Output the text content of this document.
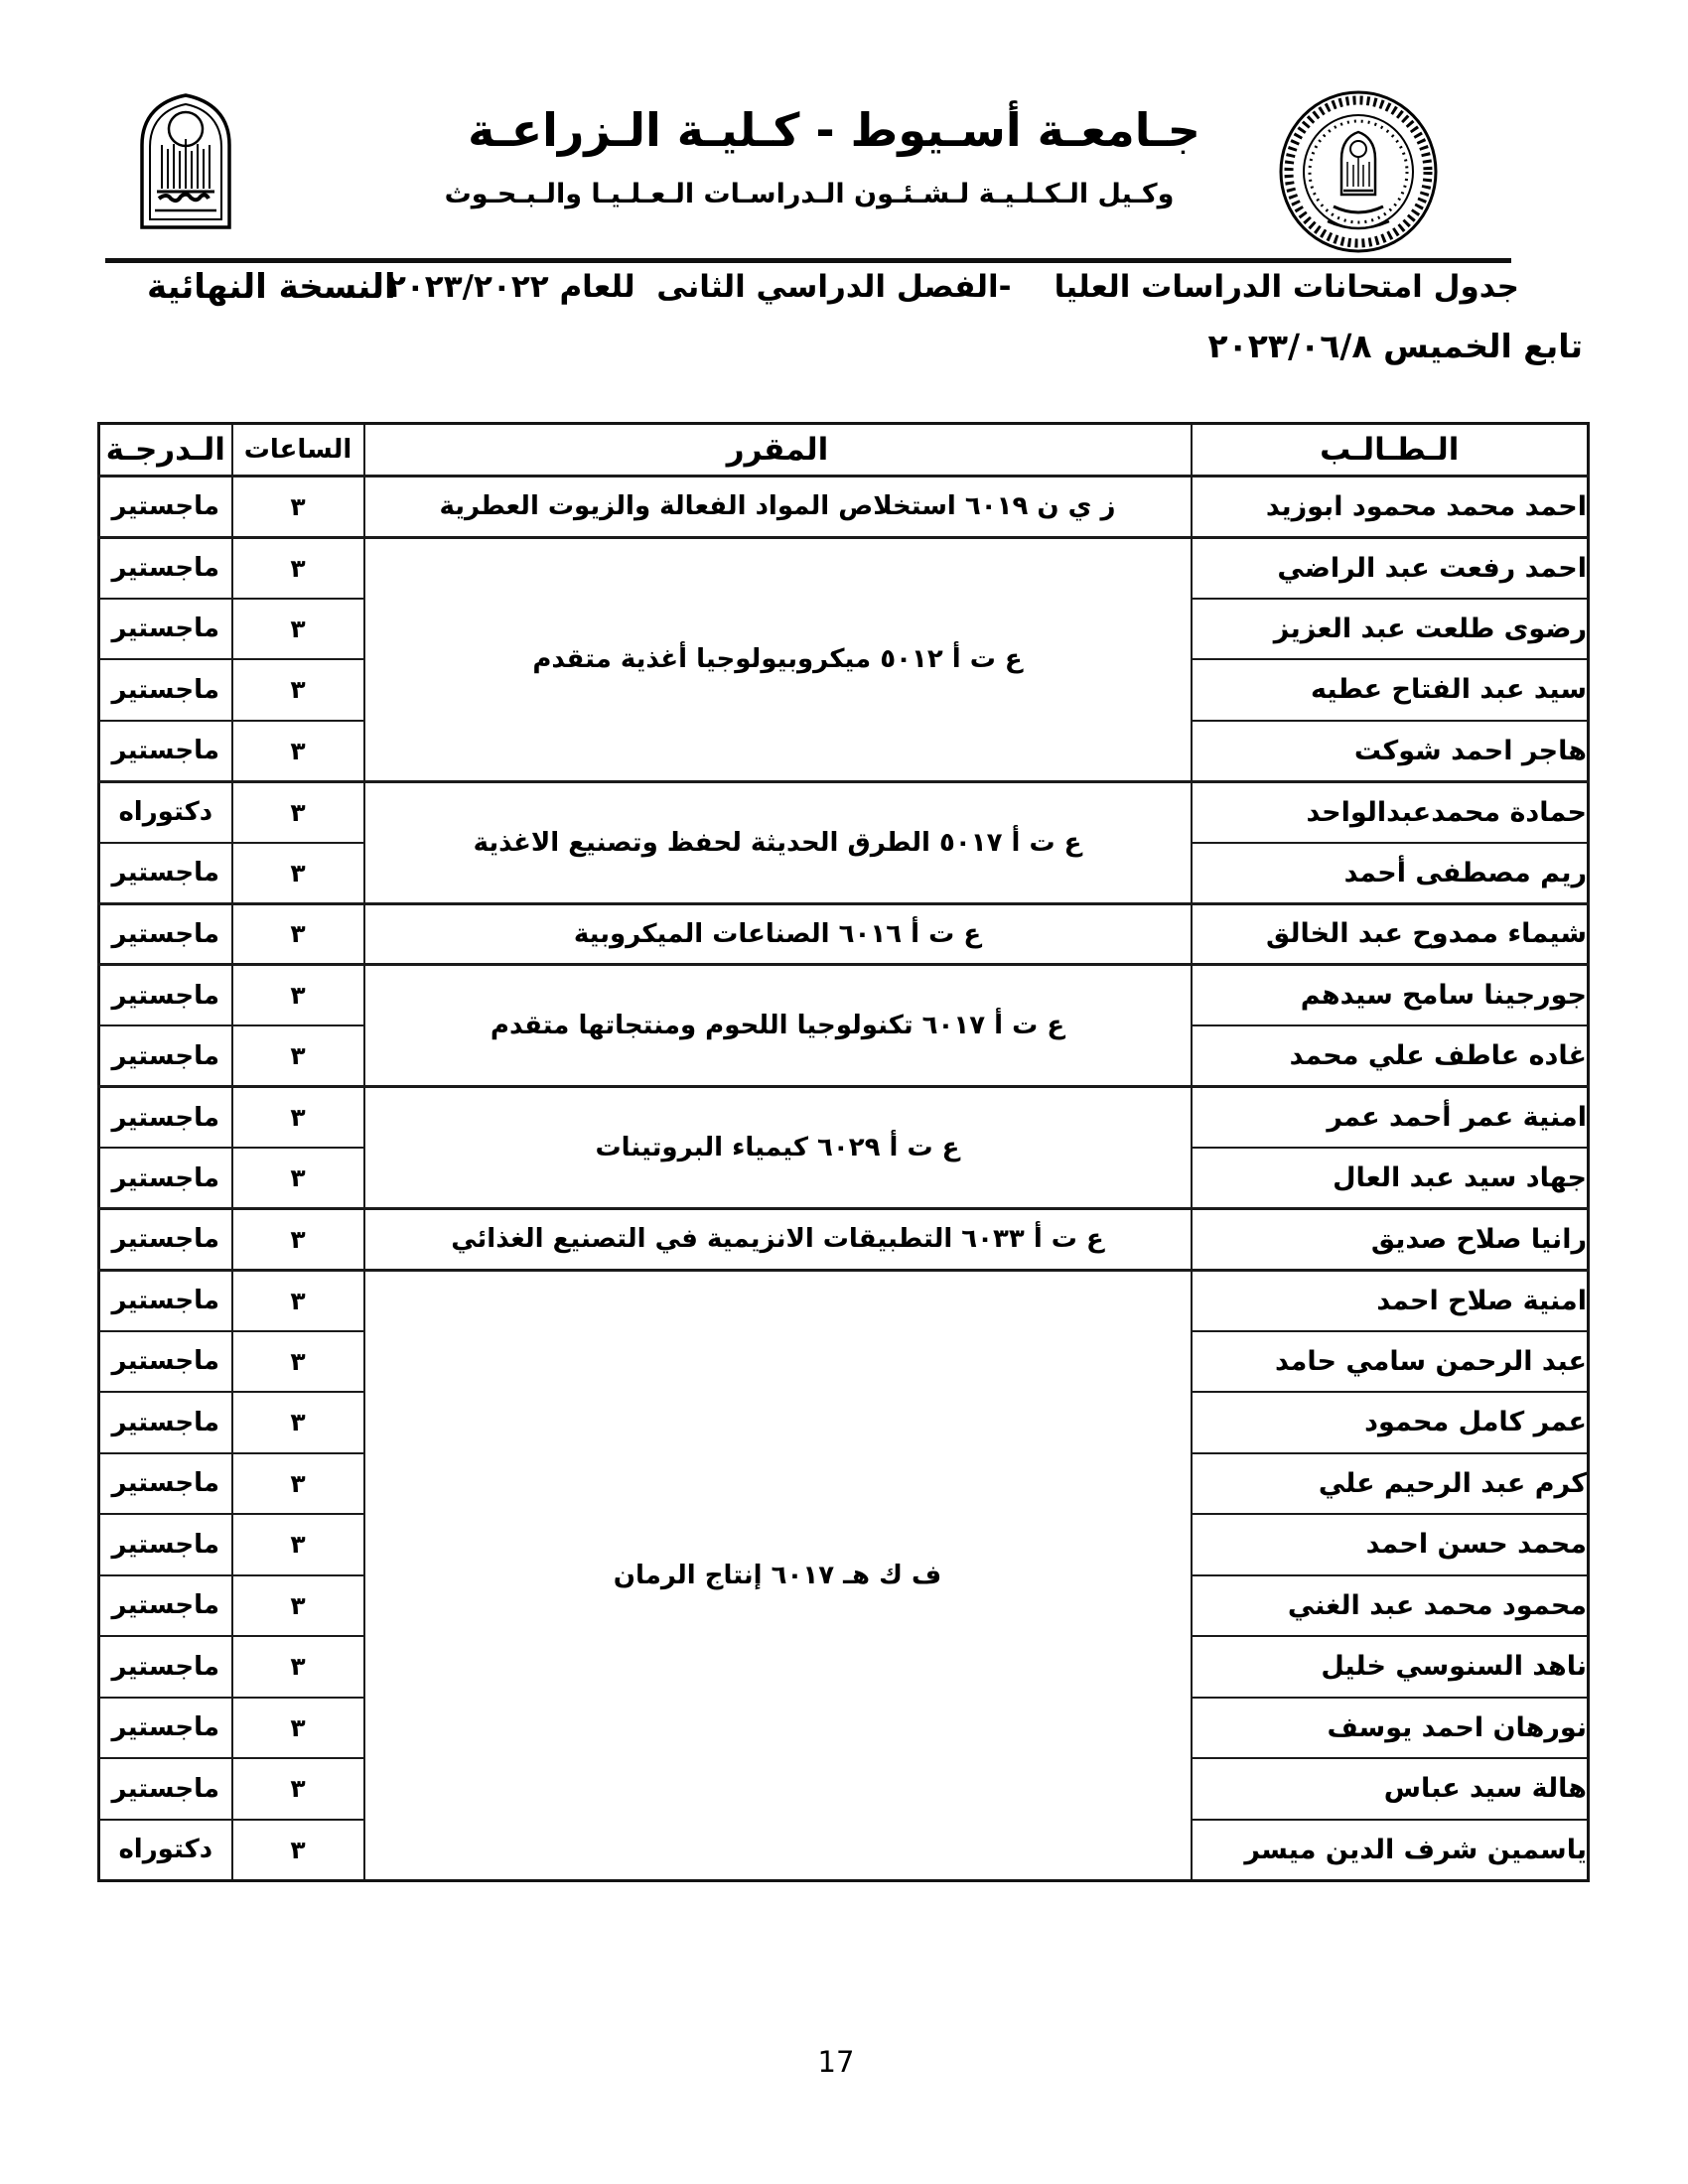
جـامعـة أسـيوط - كـليـة الـزراعـة
وكـيل الـكـلـيـة لـشـئـون الـدراسـات الـعـلـيـا والـبـحـوث
جدول امتحانات الدراسات العليا    -الفصل الدراسي الثانى  للعام ٢٠٢٣/٢٠٢٢
النسخة النهائية
تابع الخميس ٢٠٢٣/٠٦/٨
الـطـالـب	المقرر	الساعات	الـدرجـة
احمد محمد محمود ابوزيد	ز ي ن ٦٠١٩ استخلاص المواد الفعالة والزيوت العطرية	٣	ماجستير
احمد رفعت عبد الراضي	ع ت أ ٥٠١٢ ميكروبيولوجيا أغذية متقدم	٣	ماجستير
رضوى طلعت عبد العزيز		٣	ماجستير
سيد عبد الفتاح عطيه		٣	ماجستير
هاجر احمد شوكت		٣	ماجستير
حمادة محمدعبدالواحد	ع ت أ ٥٠١٧ الطرق الحديثة لحفظ وتصنيع الاغذية	٣	دكتوراه
ريم مصطفى أحمد		٣	ماجستير
شيماء ممدوح عبد الخالق	ع ت أ ٦٠١٦ الصناعات الميكروبية	٣	ماجستير
جورجينا سامح سيدهم	ع ت أ ٦٠١٧ تكنولوجيا اللحوم ومنتجاتها متقدم	٣	ماجستير
غاده عاطف علي محمد		٣	ماجستير
امنية عمر أحمد عمر	ع ت أ ٦٠٢٩ كيمياء البروتينات	٣	ماجستير
جهاد سيد عبد العال		٣	ماجستير
رانيا صلاح صديق	ع ت أ ٦٠٣٣ التطبيقات الانزيمية في التصنيع الغذائي	٣	ماجستير
امنية صلاح احمد	ف ك هـ ٦٠١٧ إنتاج الرمان	٣	ماجستير
عبد الرحمن سامي حامد		٣	ماجستير
عمر كامل محمود		٣	ماجستير
كرم عبد الرحيم علي		٣	ماجستير
محمد حسن احمد		٣	ماجستير
محمود محمد عبد الغني		٣	ماجستير
ناهد السنوسي خليل		٣	ماجستير
نورهان احمد يوسف		٣	ماجستير
هالة سيد عباس		٣	ماجستير
ياسمين شرف الدين ميسر		٣	دكتوراه
17
